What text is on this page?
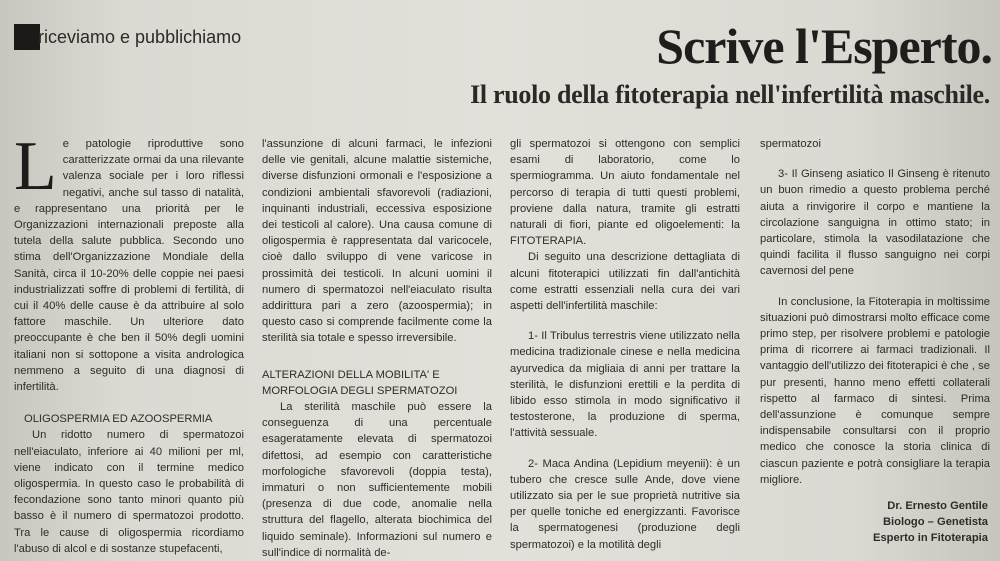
riceviamo e pubblichiamo	Scrive l'Esperto.
Il ruolo della fitoterapia nell'infertilità maschile.
L e patologie riproduttive sono caratterizzate ormai da una rilevante valenza sociale per i loro riflessi negativi, anche sul tasso di natalità, e rappresentano una priorità per le Organizzazioni internazionali preposte alla tutela della salute pubblica. Secondo uno stima dell'Organizzazione Mondiale della Sanità, circa il 10-20% delle coppie nei paesi industrializzati soffre di problemi di fertilità, di cui il 40% delle cause è da attribuire al solo fattore maschile. Un ulteriore dato preoccupante è che ben il 50% degli uomini italiani non si sottopone a visita andrologica nemmeno a seguito di una diagnosi di infertilità.

OLIGOSPERMIA ED AZOOSPERMIA

Un ridotto numero di spermatozoi nell'eiaculato, inferiore ai 40 milioni per ml, viene indicato con il termine medico oligospermia. In questo caso le probabilità di fecondazione sono tanto minori quanto più basso è il numero di spermatozoi prodotto. Tra le cause di oligospermia ricordiamo l'abuso di alcol e di sostanze stupefacenti,

l'assunzione di alcuni farmaci, le infezioni delle vie genitali, alcune malattie sistemiche, diverse disfunzioni ormonali e l'esposizione a condizioni ambientali sfavorevoli (radiazioni, inquinanti industriali, eccessiva esposizione dei testicoli al calore). Una causa comune di oligospermia è rappresentata dal varicocele, cioè dallo sviluppo di vene varicose in prossimità dei testicoli. In alcuni uomini il numero di spermatozoi nell'eiaculato risulta addirittura pari a zero (azoospermia); in questo caso si comprende facilmente come la sterilità sia totale e spesso irreversibile.

ALTERAZIONI DELLA MOBILITA' E MORFOLOGIA DEGLI SPERMATOZOI

La sterilità maschile può essere la conseguenza di una percentuale esageratamente elevata di spermatozoi difettosi, ad esempio con caratteristiche morfologiche sfavorevoli (doppia testa), immaturi o non sufficientemente mobili (presenza di due code, anomalie nella struttura del flagello, alterata biochimica del liquido seminale). Informazioni sul numero e sull'indice di normalità de-

gli spermatozoi si ottengono con semplici esami di laboratorio, come lo spermiogramma. Un aiuto fondamentale nel percorso di terapia di tutti questi problemi, proviene dalla natura, tramite gli estratti naturali di fiori, piante ed oligoelementi: la FITOTERAPIA.

Di seguito una descrizione dettagliata di alcuni fitoterapici utilizzati fin dall'antichità come estratti essenziali nella cura dei vari aspetti dell'infertilità maschile:

1- Il Tribulus terrestris viene utilizzato nella medicina tradizionale cinese e nella medicina ayurvedica da migliaia di anni per trattare la sterilità, le disfunzioni erettili e la perdita di libido esso stimola in modo significativo il testosterone, la produzione di sperma, l'attività sessuale.

2- Maca Andina (Lepidium meyenii): è un tubero che cresce sulle Ande, dove viene utilizzato sia per le sue proprietà nutritive sia per quelle toniche ed energizzanti. Favorisce la spermatogenesi (produzione degli spermatozoi) e la motilità degli

spermatozoi

3- Il Ginseng asiatico Il Ginseng è ritenuto un buon rimedio a questo problema perché aiuta a rinvigorire il corpo e mantiene la circolazione sanguigna in ottimo stato; in particolare, stimola la vasodilatazione che quindi facilita il flusso sanguigno nei corpi cavernosi del pene

In conclusione, la Fitoterapia in moltissime situazioni può dimostrarsi molto efficace come primo step, per risolvere problemi e patologie prima di ricorrere ai farmaci tradizionali. Il vantaggio dell'utilizzo dei fitoterapici è che , se pur presenti, hanno meno effetti collaterali rispetto al farmaco di sintesi. Prima dell'assunzione è comunque sempre indispensabile consultarsi con il proprio medico che conosce la storia clinica di ciascun paziente e potrà consigliare la terapia migliore.

Dr. Ernesto Gentile
Biologo – Genetista
Esperto in Fitoterapia
